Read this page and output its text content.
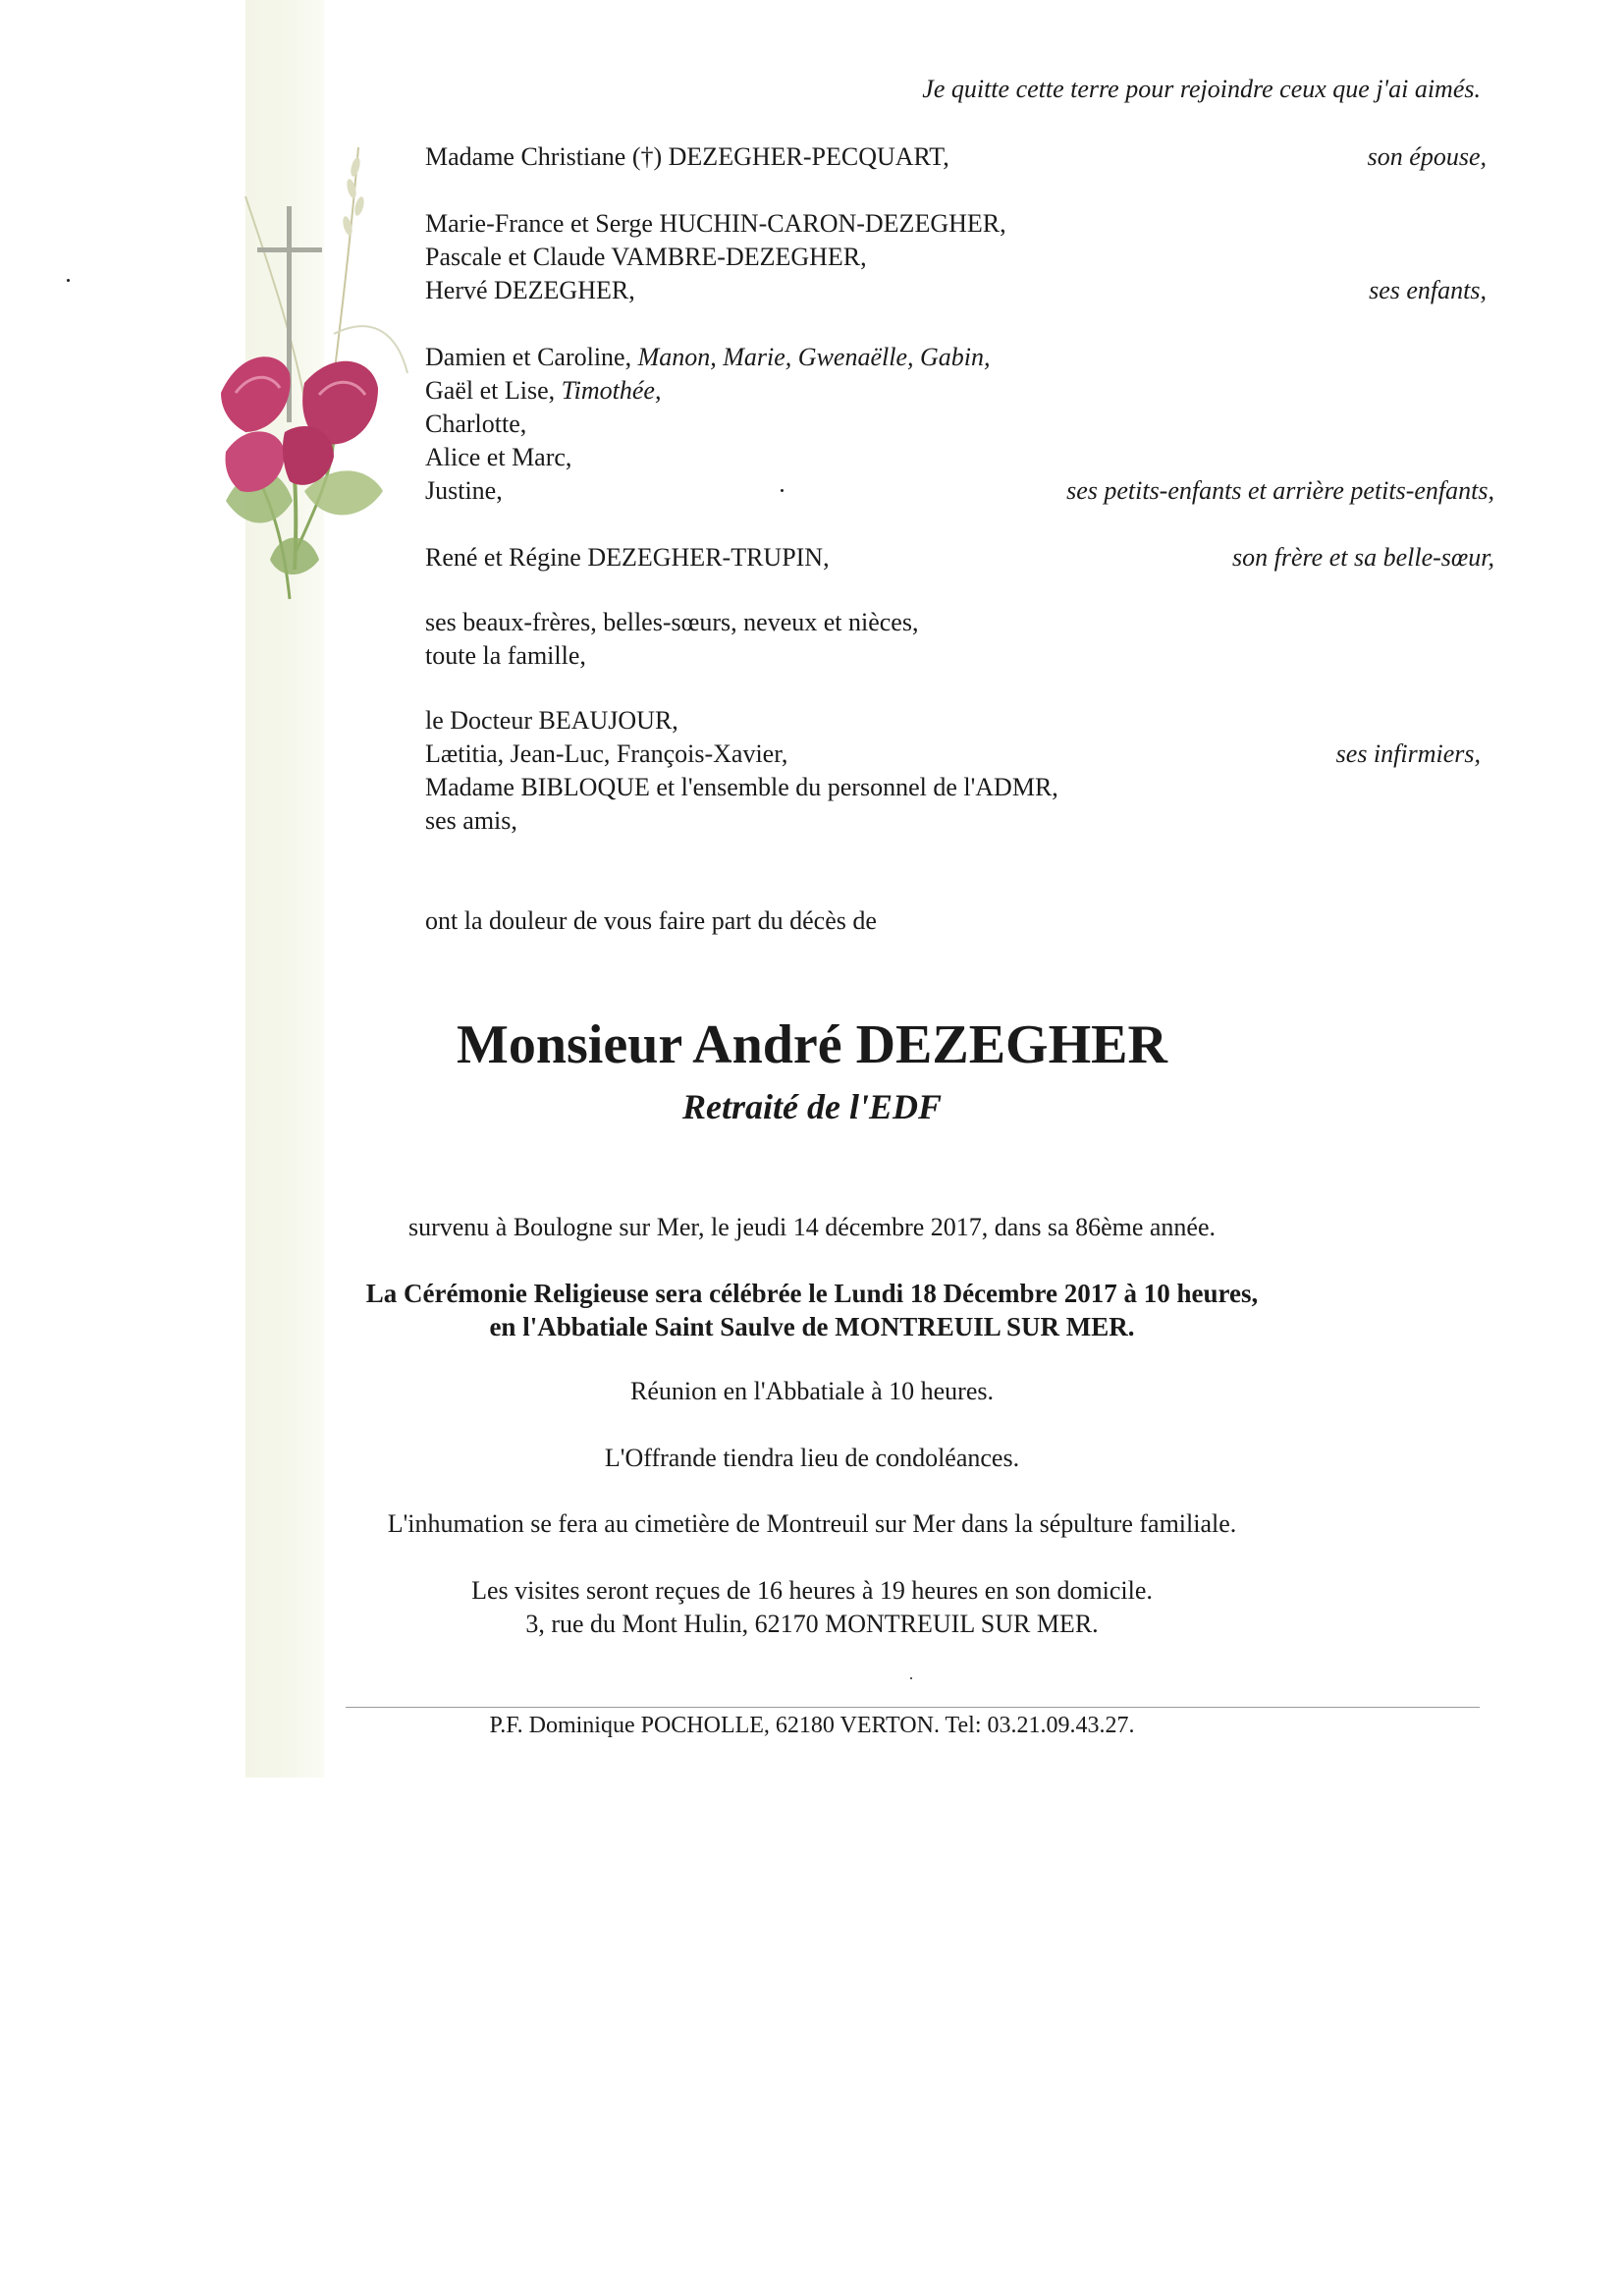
Je quitte cette terre pour rejoindre ceux que j'ai aimés.
Madame Christiane (†) DEZEGHER-PECQUART,	son épouse,
Marie-France et Serge HUCHIN-CARON-DEZEGHER,
Pascale et Claude VAMBRE-DEZEGHER,
Hervé DEZEGHER,	ses enfants,
Damien et Caroline, Manon, Marie, Gwenaëlle, Gabin,
Gaël et Lise, Timothée,
Charlotte,
Alice et Marc,
Justine,	ses petits-enfants et arrière petits-enfants,
René et Régine DEZEGHER-TRUPIN,	son frère et sa belle-sœur,
ses beaux-frères, belles-sœurs, neveux et nièces,
toute la famille,
le Docteur BEAUJOUR,
Lætitia, Jean-Luc, François-Xavier,	ses infirmiers,
Madame BIBLOQUE et l'ensemble du personnel de l'ADMR,
ses amis,
ont la douleur de vous faire part du décès de
Monsieur André DEZEGHER
Retraité de l'EDF
survenu à Boulogne sur Mer, le jeudi 14 décembre 2017, dans sa 86ème année.
La Cérémonie Religieuse sera célébrée le Lundi 18 Décembre 2017 à 10 heures,
en l'Abbatiale Saint Saulve de MONTREUIL SUR MER.
Réunion en l'Abbatiale à 10 heures.
L'Offrande tiendra lieu de condoléances.
L'inhumation se fera au cimetière de Montreuil sur Mer dans la sépulture familiale.
Les visites seront reçues de 16 heures à 19 heures en son domicile.
3, rue du Mont Hulin, 62170 MONTREUIL SUR MER.
P.F. Dominique POCHOLLE, 62180 VERTON. Tel: 03.21.09.43.27.
